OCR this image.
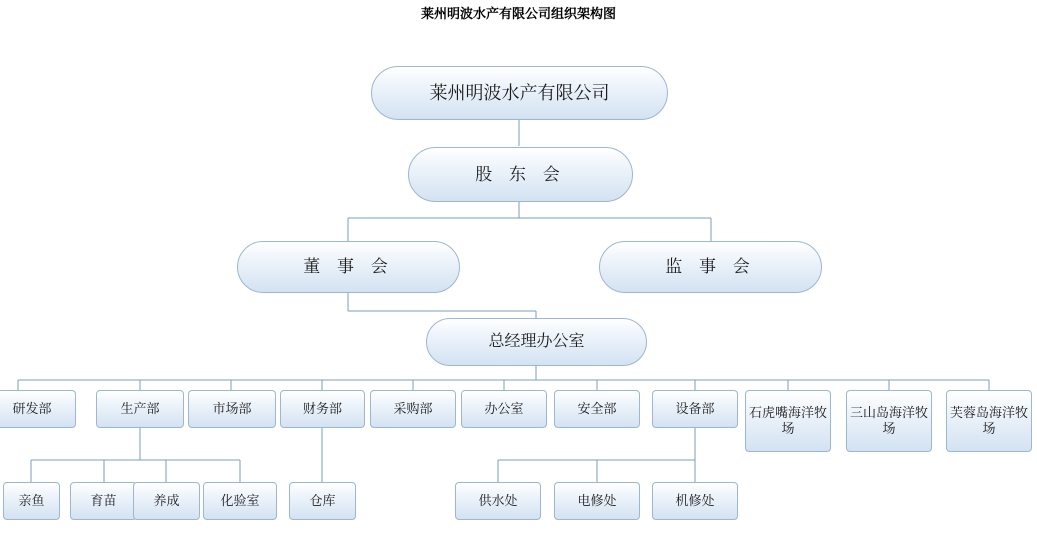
莱州明波水产有限公司组织架构图
莱州明波水产有限公司
股 东 会
董 事 会	监 事 会
总经理办公室
研发部	生产部	市场部	财务部	采购部	办公室	安全部	设备部	石虎嘴海洋牧场
三山岛海洋牧场
芙蓉岛海洋牧场
亲鱼	育苗	养成	化验室	仓库	供水处	电修处	机修处
